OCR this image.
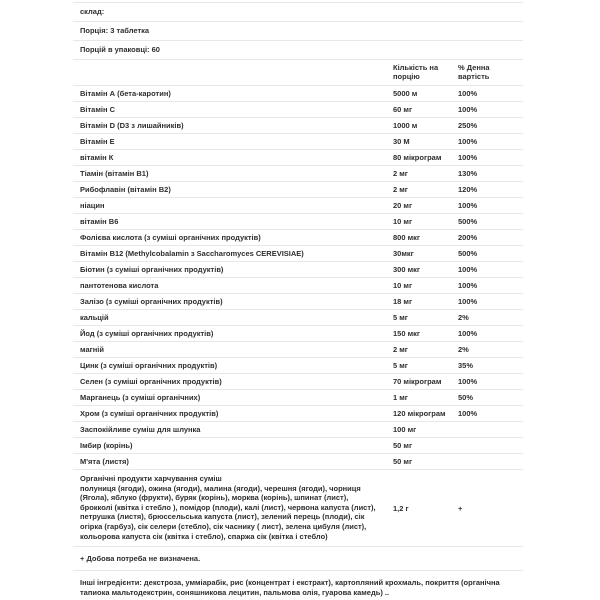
склад:
Порція: 3 таблетка
Порцій в упаковці: 60
	Кількість на порцію	% Денна вартість
Вітамін А (бета-каротин)	5000 м	100%
Вітамін C	60 мг	100%
Вітамін D (D3 з лишайників)	1000 м	250%
Вітамін E	30 М	100%
вітамін К	80 мікрограм	100%
Тіамін (вітамін B1)	2 мг	130%
Рибофлавін (вітамін B2)	2 мг	120%
ніацин	20 мг	100%
вітамін B6	10 мг	500%
Фолієва кислота (з суміші органічних продуктів)	800 мкг	200%
Вітамін B12 (Methylcobalamin з Saccharomyces CEREVISIAE)	30мкг	500%
Біотин (з суміші органічних продуктів)	300 мкг	100%
пантотенова кислота	10 мг	100%
Залізо (з суміші органічних продуктів)	18 мг	100%
кальцій	5 мг	2%
Йод (з суміші органічних продуктів)	150 мкг	100%
магній	2 мг	2%
Цинк (з суміші органічних продуктів)	5 мг	35%
Селен (з суміші органічних продуктів)	70 мікрограм	100%
Марганець (з суміші органічних)	1 мг	50%
Хром (з суміші органічних продуктів)	120 мікрограм	100%
Заспокійливе суміш для шлунка	100 мг	
Імбир (корінь)	50 мг	
М'ята (листя)	50 мг	

Органічні продукти харчування суміш
полуниця (ягоди), ожина (ягоди), малина (ягоди), черешня (ягоди), чорниця (Ягола), яблуко (фрукти), буряк (корінь), морква (корінь), шпинат (лист), брокколі (квітка і стебло ), помідор (плоди), калі (лист), червона капуста (лист), петрушка (листя), брюссельська капуста (лист), зелений перець (плоди), сік огірка (гарбуз), сік селери (стебло), сік часнику ( лист), зелена цибуля (лист), кольорова капуста сік (квітка і стебло), спаржа сік (квітка і стебло)	1,2 г	+
+ Добова потреба не визначена.		

Інші інгредієнти: декстроза, умміарабік, рис (концентрат і екстракт), картопляний крохмаль, покриття (органічна тапиока мальтодекстрин, соняшникова лецитин, пальмова олія, гуарова камедь) ..
